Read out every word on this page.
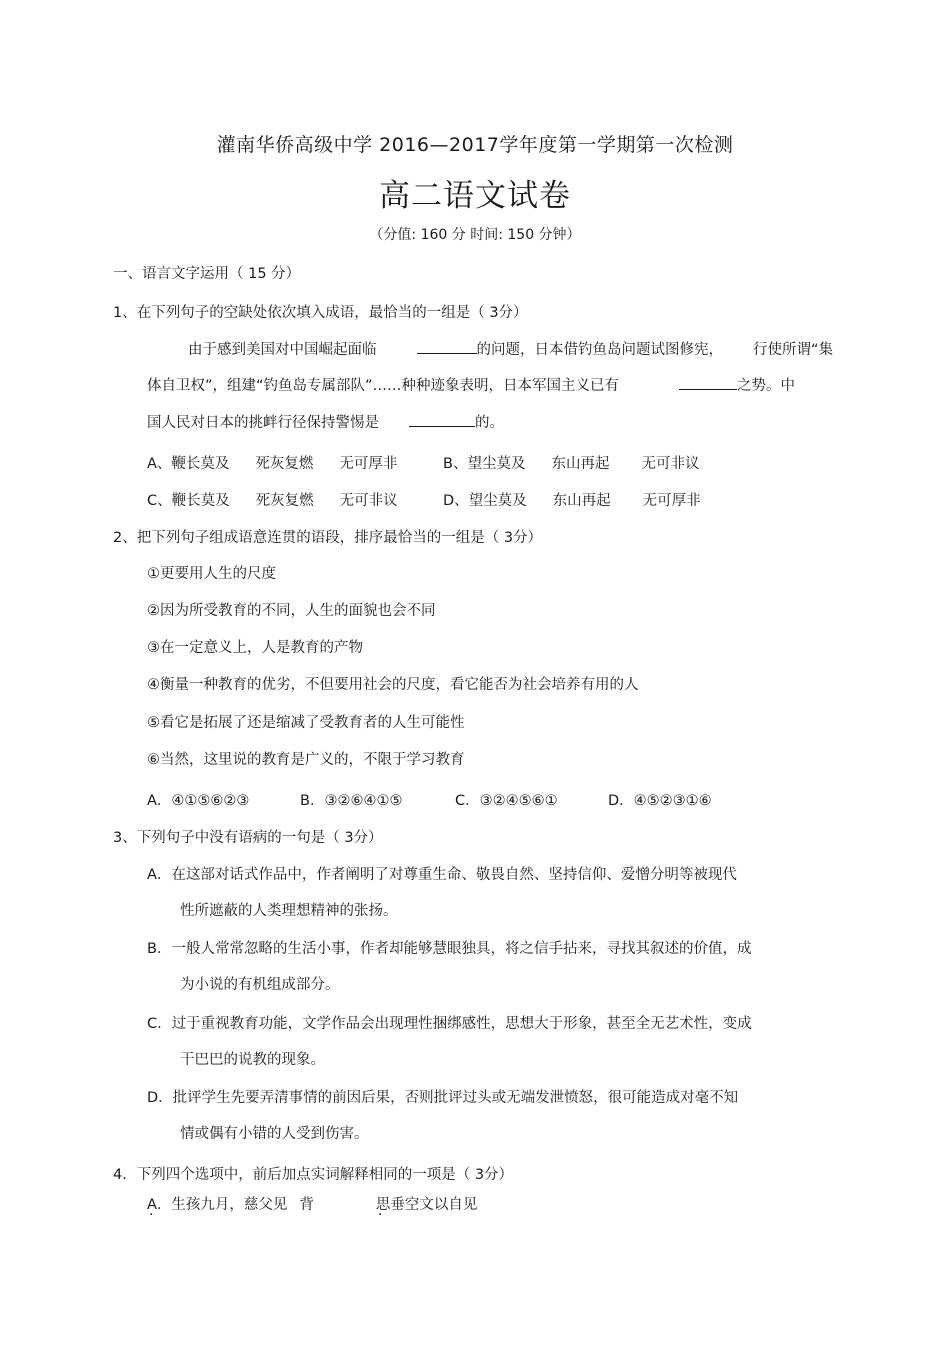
灌南华侨高级中学 2016—2017学年度第一学期第一次检测
高二语文试卷
（分值: 160 分 时间: 150 分钟）
一、语言文字运用（ 15 分）
1、在下列句子的空缺处依次填入成语，最恰当的一组是（ 3分）
由于感到美国对中国崛起面临	的问题，日本借钓鱼岛问题试图修宪， 行使所谓“集
体自卫权”，组建“钓鱼岛专属部队”……种种迹象表明，日本军国主义已有	之势。中
国人民对日本的挑衅行径保持警惕是	的。
A、鞭长莫及 死灰复燃 无可厚非	B、望尘莫及 东山再起 无可非议
C、鞭长莫及 死灰复燃 无可非议	D、望尘莫及 东山再起 无可厚非
2、把下列句子组成语意连贯的语段，排序最恰当的一组是（ 3分）
①更要用人生的尺度
②因为所受教育的不同，人生的面貌也会不同
③在一定意义上，人是教育的产物
④衡量一种教育的优劣，不但要用社会的尺度，看它能否为社会培养有用的人
⑤看它是拓展了还是缩减了受教育者的人生可能性
⑥当然，这里说的教育是广义的，不限于学习教育
A．④①⑤⑥②③	B．③②⑥④①⑤	C．③②④⑤⑥①	D．④⑤②③①⑥
3、下列句子中没有语病的一句是（ 3分）
A．在这部对话式作品中，作者阐明了对尊重生命、敬畏自然、坚持信仰、爱憎分明等被现代
性所遮蔽的人类理想精神的张扬。
B．一般人常常忽略的生活小事，作者却能够慧眼独具，将之信手拈来，寻找其叙述的价值，成
为小说的有机组成部分。
C．过于重视教育功能，文学作品会出现理性捆绑感性，思想大于形象，甚至全无艺术性，变成
干巴巴的说教的现象。
D．批评学生先要弄清事情的前因后果，否则批评过头或无端发泄愤怒，很可能造成对毫不知
情或偶有小错的人受到伤害。
4．下列四个选项中，前后加点实词解释相同的一项是（ 3分）
A．生孩九月，慈父见 . 背	思垂空文以自见 .
